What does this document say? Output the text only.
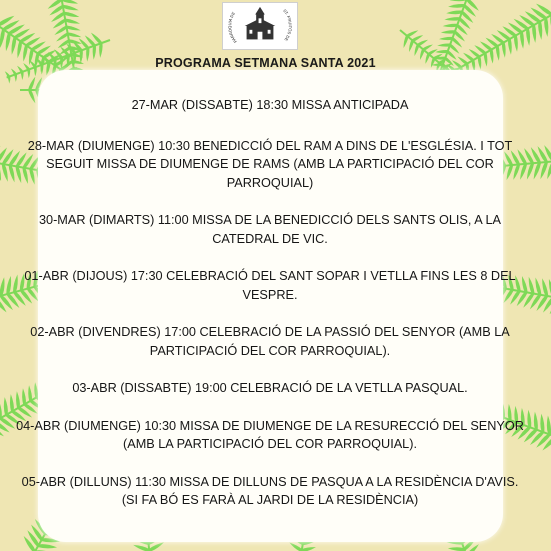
PARRÒQUIA DE
ST. FRUITÓS DE
PROGRAMA SETMANA SANTA 2021

27-MAR (DISSABTE) 18:30 MISSA ANTICIPADA

28-MAR (DIUMENGE) 10:30 BENEDICCIÓ DEL RAM A DINS DE L'ESGLÉSIA. I TOT SEGUIT MISSA DE DIUMENGE DE RAMS (AMB LA PARTICIPACIÓ DEL COR PARROQUIAL)

30-MAR (DIMARTS) 11:00 MISSA DE LA BENEDICCIÓ DELS SANTS OLIS, A LA CATEDRAL DE VIC.

01-ABR (DIJOUS) 17:30 CELEBRACIÓ DEL SANT SOPAR I VETLLA FINS LES 8 DEL VESPRE.

02-ABR (DIVENDRES) 17:00 CELEBRACIÓ DE LA PASSIÓ DEL SENYOR (AMB LA PARTICIPACIÓ DEL COR PARROQUIAL).

03-ABR (DISSABTE) 19:00 CELEBRACIÓ DE LA VETLLA PASQUAL.

04-ABR (DIUMENGE) 10:30 MISSA DE DIUMENGE DE LA RESURECCIÓ DEL SENYOR (AMB LA PARTICIPACIÓ DEL COR PARROQUIAL).

05-ABR (DILLUNS) 11:30 MISSA DE DILLUNS DE PASQUA A LA RESIDÈNCIA D'AVIS. (SI FA BÓ ES FARÀ AL JARDI DE LA RESIDÈNCIA)
